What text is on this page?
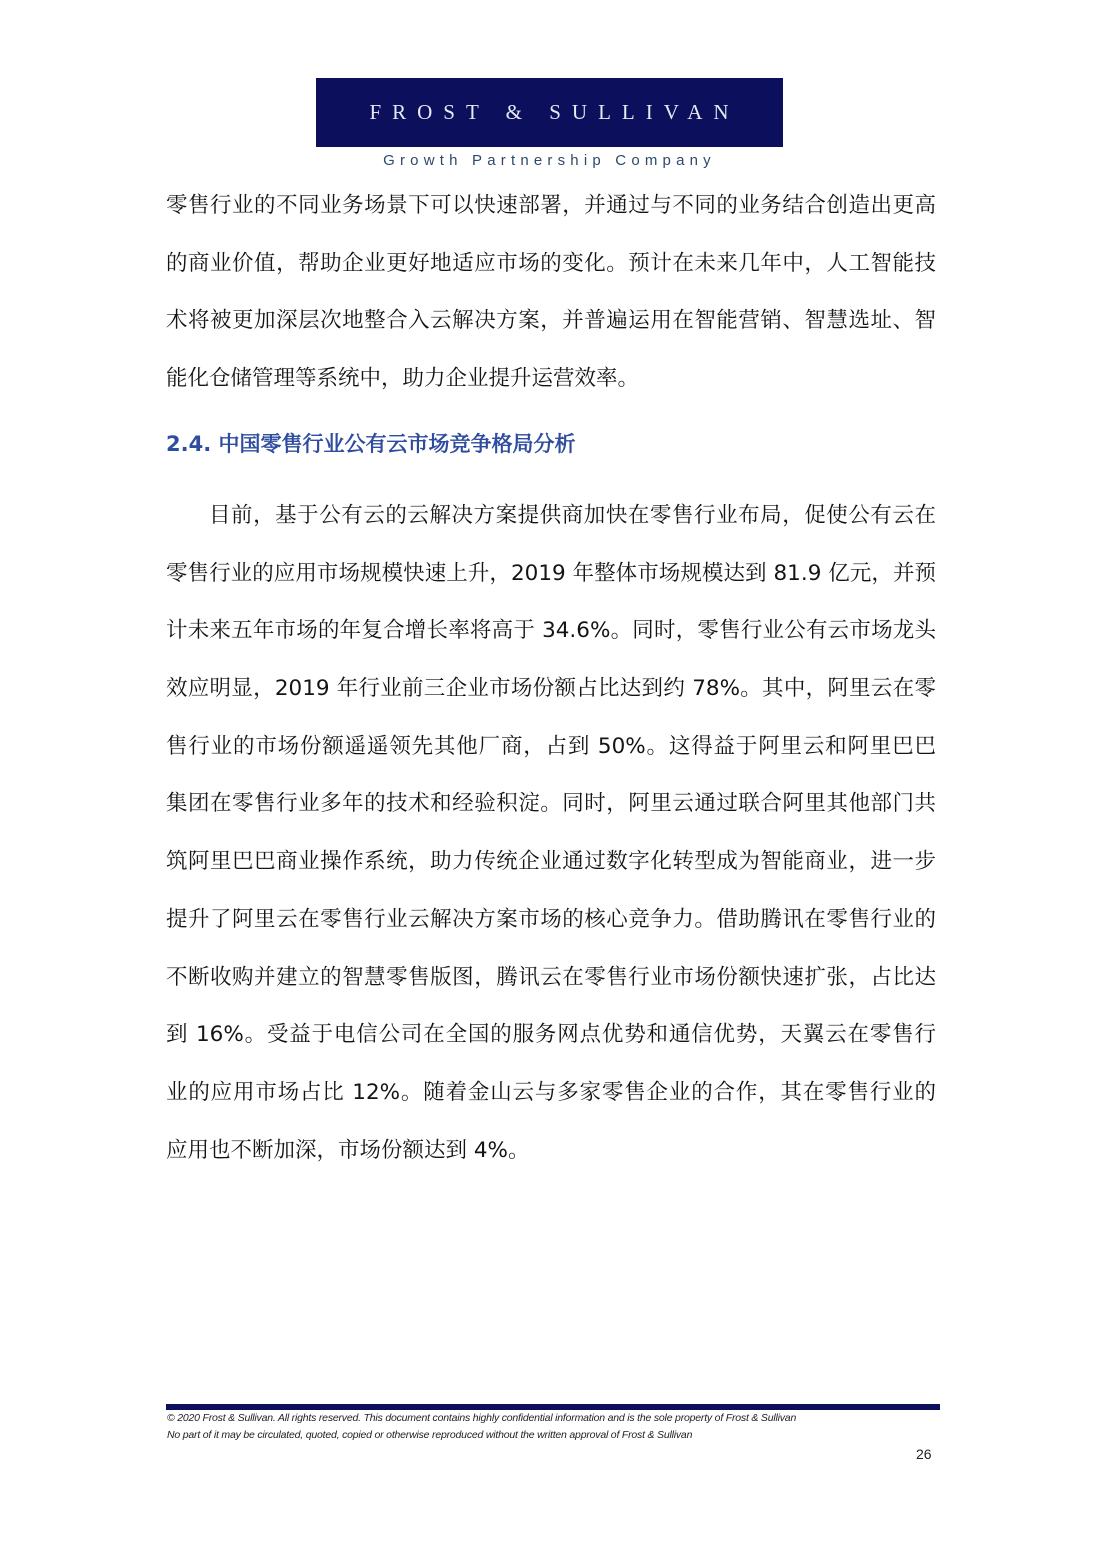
FROST & SULLIVAN
Growth Partnership Company
零售行业的不同业务场景下可以快速部署，并通过与不同的业务结合创造出更高
的商业价值，帮助企业更好地适应市场的变化。预计在未来几年中，人工智能技
术将被更加深层次地整合入云解决方案，并普遍运用在智能营销、智慧选址、智
能化仓储管理等系统中，助力企业提升运营效率。
2.4. 中国零售行业公有云市场竞争格局分析
目前，基于公有云的云解决方案提供商加快在零售行业布局，促使公有云在
零售行业的应用市场规模快速上升，2019 年整体市场规模达到 81.9 亿元，并预
计未来五年市场的年复合增长率将高于 34.6%。同时，零售行业公有云市场龙头
效应明显，2019 年行业前三企业市场份额占比达到约 78%。其中，阿里云在零
售行业的市场份额遥遥领先其他厂商，占到 50%。这得益于阿里云和阿里巴巴
集团在零售行业多年的技术和经验积淀。同时，阿里云通过联合阿里其他部门共
筑阿里巴巴商业操作系统，助力传统企业通过数字化转型成为智能商业，进一步
提升了阿里云在零售行业云解决方案市场的核心竞争力。借助腾讯在零售行业的
不断收购并建立的智慧零售版图，腾讯云在零售行业市场份额快速扩张，占比达
到 16%。受益于电信公司在全国的服务网点优势和通信优势，天翼云在零售行
业的应用市场占比 12%。随着金山云与多家零售企业的合作，其在零售行业的
应用也不断加深，市场份额达到 4%。
© 2020 Frost & Sullivan. All rights reserved. This document contains highly confidential information and is the sole property of Frost & Sullivan
No part of it may be circulated, quoted, copied or otherwise reproduced without the written approval of Frost & Sullivan
26
